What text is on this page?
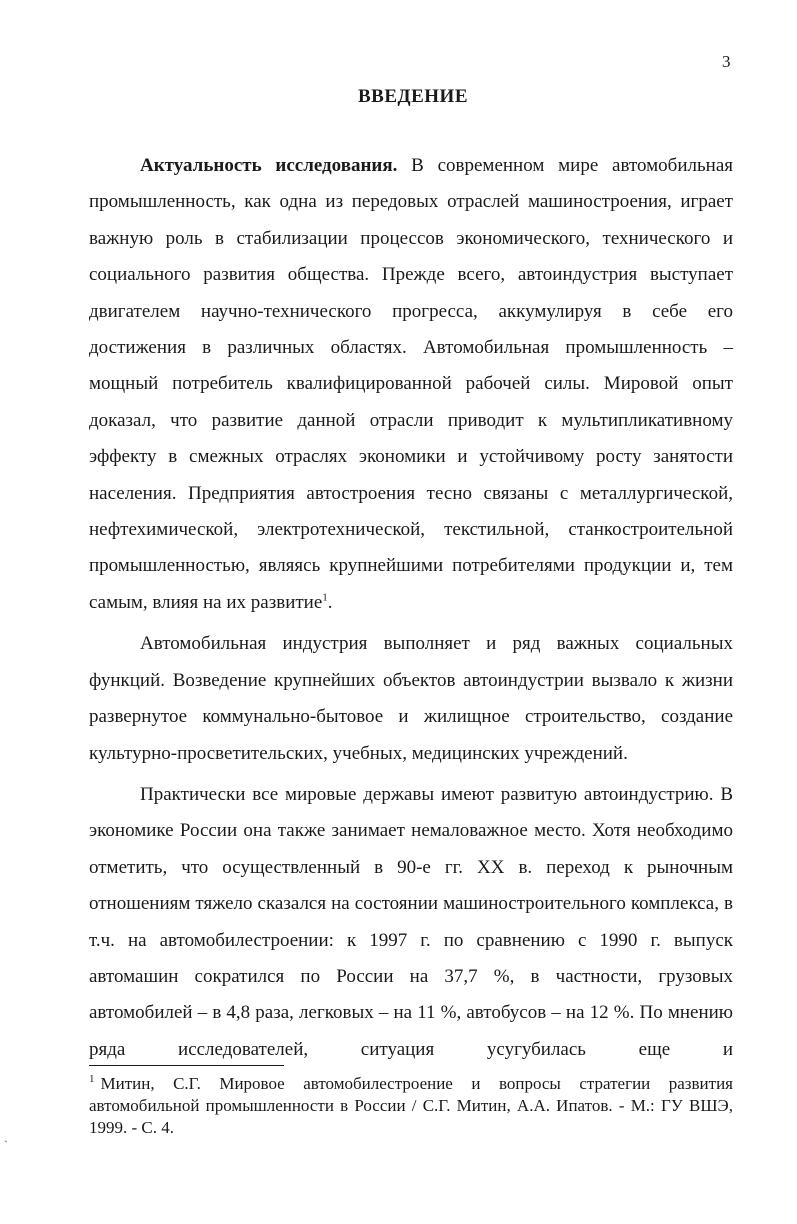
3
ВВЕДЕНИЕ

Актуальность исследования. В современном мире автомобильная промышленность, как одна из передовых отраслей машиностроения, играет важную роль в стабилизации процессов экономического, технического и социального развития общества. Прежде всего, автоиндустрия выступает двигателем научно-технического прогресса, аккумулируя в себе его достижения в различных областях. Автомобильная промышленность – мощный потребитель квалифицированной рабочей силы. Мировой опыт доказал, что развитие данной отрасли приводит к мультипликативному эффекту в смежных отраслях экономики и устойчивому росту занятости населения. Предприятия автостроения тесно связаны с металлургической, нефтехимической, электротехнической, текстильной, станкостроительной промышленностью, являясь крупнейшими потребителями продукции и, тем самым, влияя на их развитие$^1$.

Автомобильная индустрия выполняет и ряд важных социальных функций. Возведение крупнейших объектов автоиндустрии вызвало к жизни развернутое коммунально-бытовое и жилищное строительство, создание культурно-просветительских, учебных, медицинских учреждений.

Практически все мировые державы имеют развитую автоиндустрию. В экономике России она также занимает немаловажное место. Хотя необходимо отметить, что осуществленный в 90-е гг. XX в. переход к рыночным отношениям тяжело сказался на состоянии машиностроительного комплекса, в т.ч. на автомобилестроении: к 1997 г. по сравнению с 1990 г. выпуск автомашин сократился по России на 37,7 %, в частности, грузовых автомобилей – в 4,8 раза, легковых – на 11 %, автобусов – на 12 %. По мнению ряда исследователей, ситуация усугубилась еще и

$^1$ Митин, С.Г. Мировое автомобилестроение и вопросы стратегии развития автомобильной промышленности в России / С.Г. Митин, А.А. Ипатов. - М.: ГУ ВШЭ, 1999. - С. 4.
`
